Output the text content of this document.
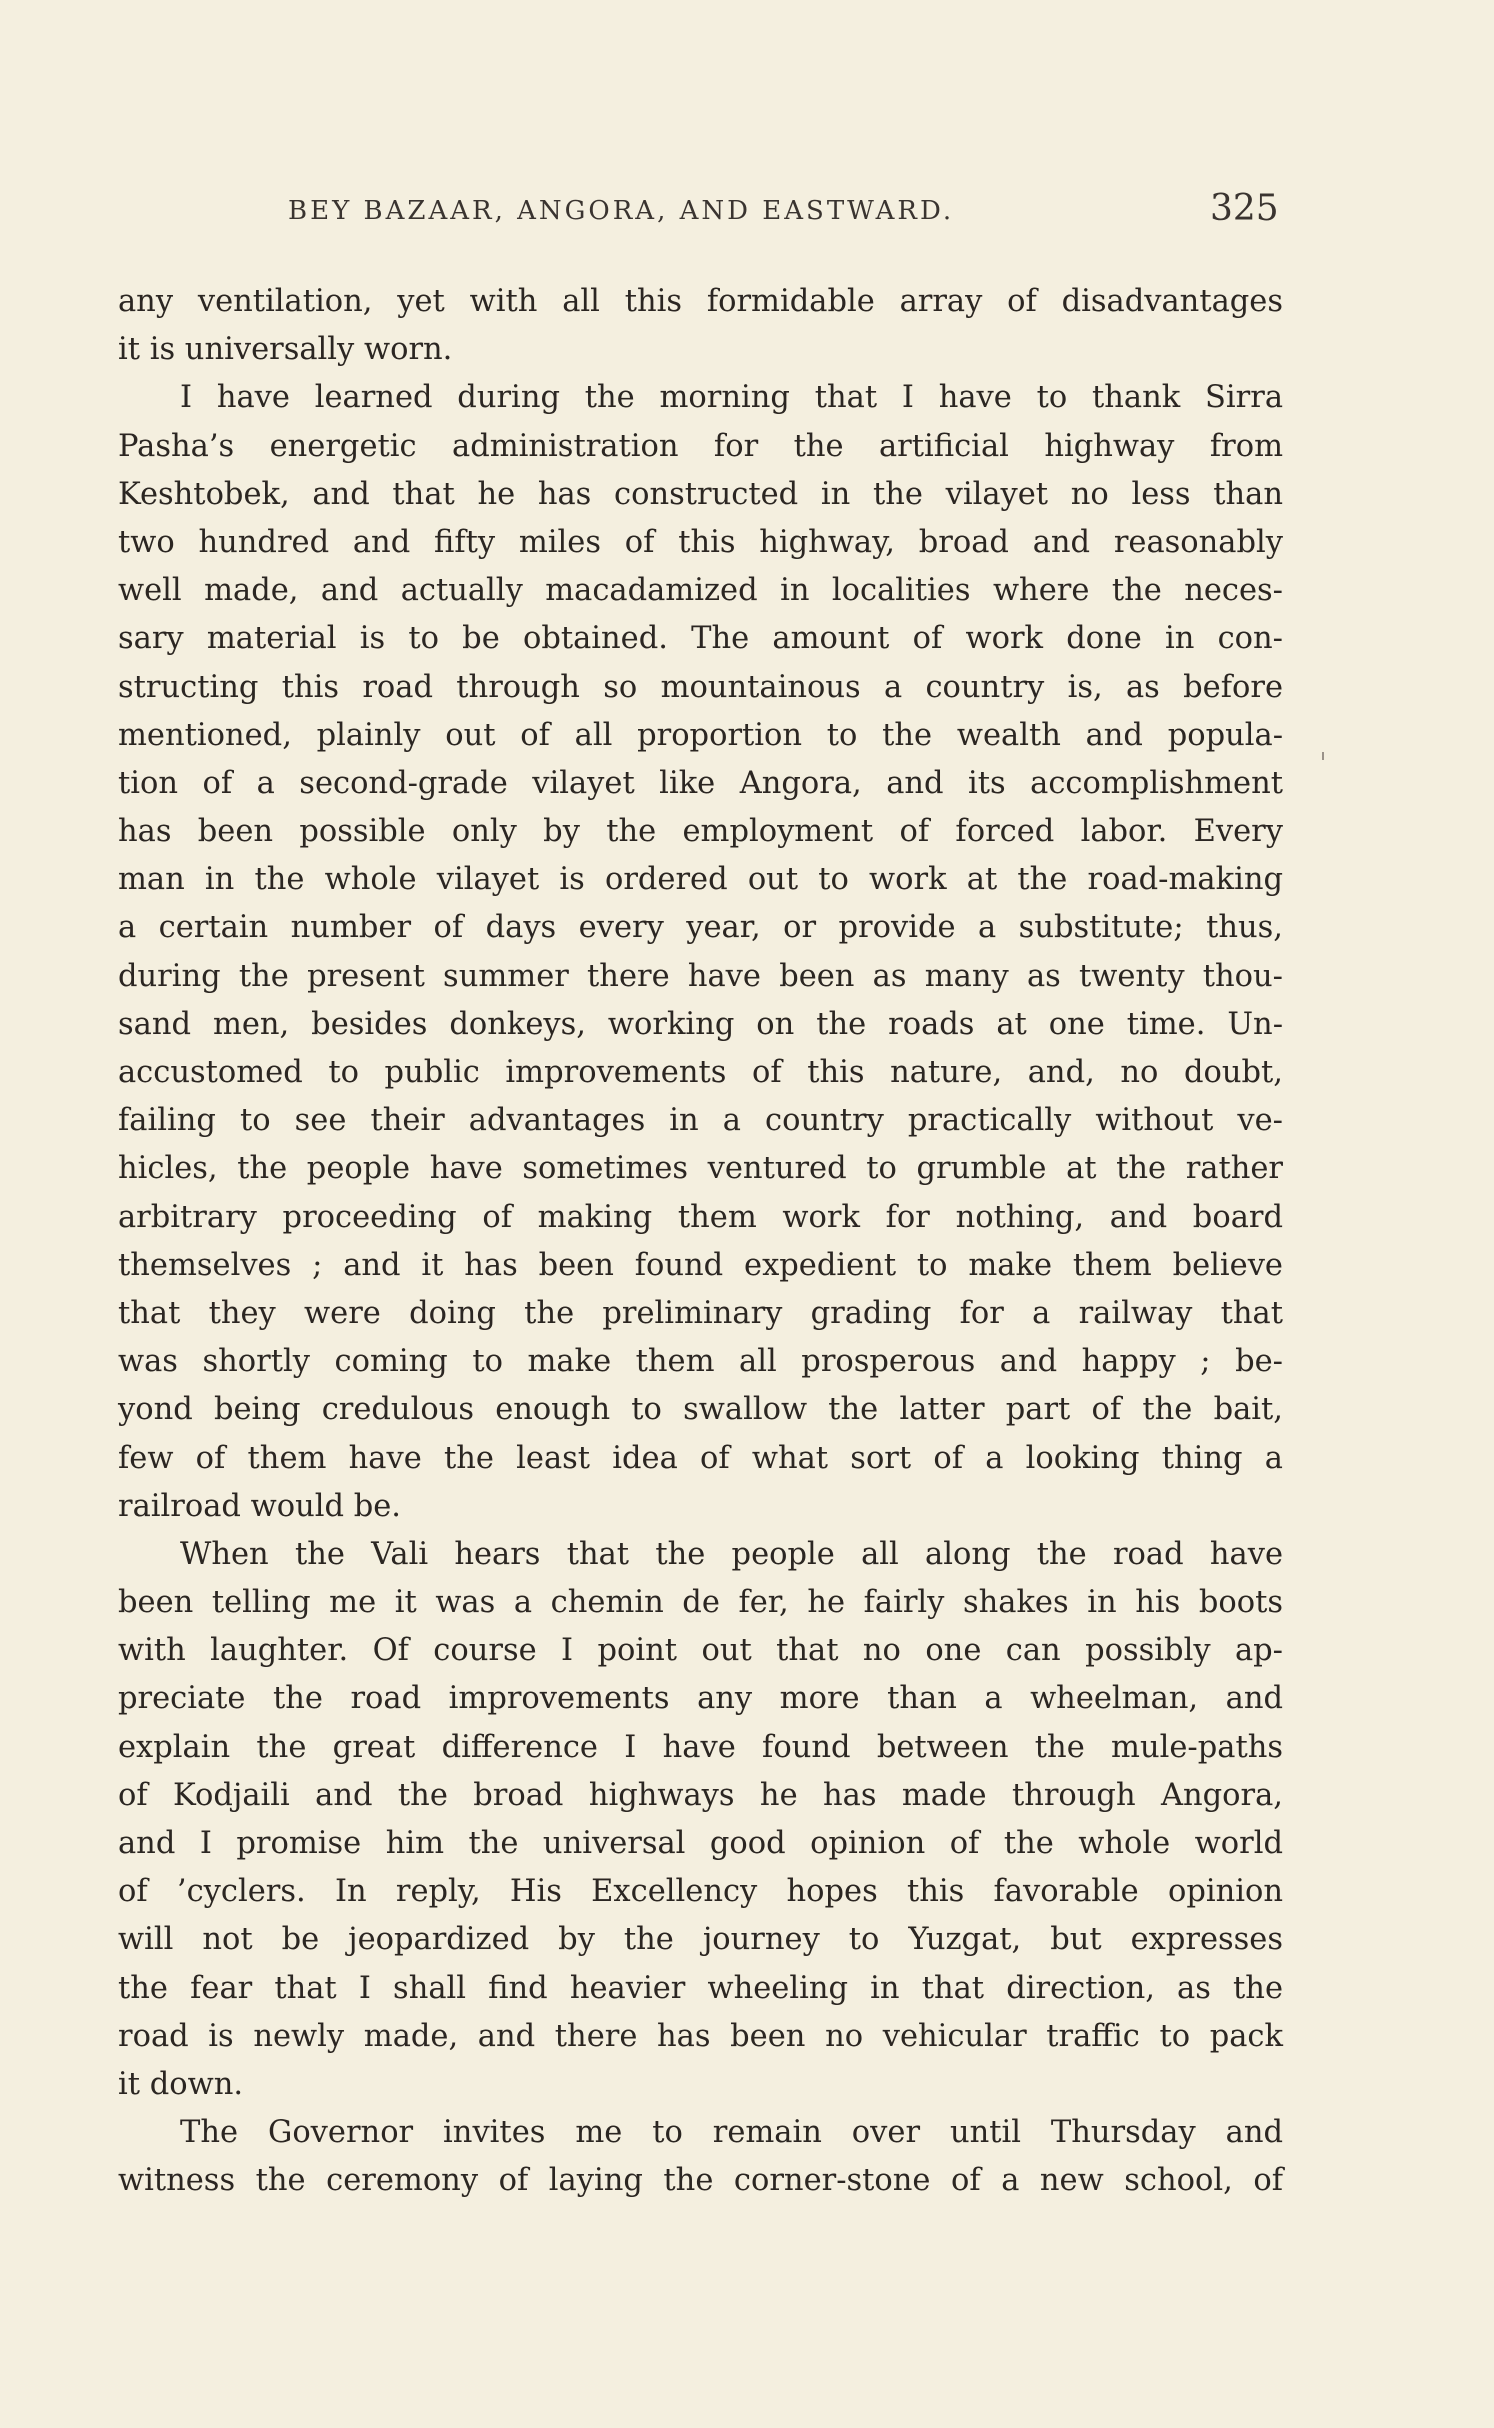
BEY BAZAAR, ANGORA, AND EASTWARD.	325
any ventilation, yet with all this formidable array of disadvantages
it is universally worn.
I have learned during the morning that I have to thank Sirra
Pasha’s energetic administration for the artificial highway from
Keshtobek, and that he has constructed in the vilayet no less than
two hundred and fifty miles of this highway, broad and reasonably
well made, and actually macadamized in localities where the neces-
sary material is to be obtained. The amount of work done in con-
structing this road through so mountainous a country is, as before
mentioned, plainly out of all proportion to the wealth and popula-
tion of a second-grade vilayet like Angora, and its accomplishment
has been possible only by the employment of forced labor. Every
man in the whole vilayet is ordered out to work at the road-making
a certain number of days every year, or provide a substitute; thus,
during the present summer there have been as many as twenty thou-
sand men, besides donkeys, working on the roads at one time. Un-
accustomed to public improvements of this nature, and, no doubt,
failing to see their advantages in a country practically without ve-
hicles, the people have sometimes ventured to grumble at the rather
arbitrary proceeding of making them work for nothing, and board
themselves ; and it has been found expedient to make them believe
that they were doing the preliminary grading for a railway that
was shortly coming to make them all prosperous and happy ; be-
yond being credulous enough to swallow the latter part of the bait,
few of them have the least idea of what sort of a looking thing a
railroad would be.
When the Vali hears that the people all along the road have
been telling me it was a chemin de fer, he fairly shakes in his boots
with laughter. Of course I point out that no one can possibly ap-
preciate the road improvements any more than a wheelman, and
explain the great difference I have found between the mule-paths
of Kodjaili and the broad highways he has made through Angora,
and I promise him the universal good opinion of the whole world
of ’cyclers. In reply, His Excellency hopes this favorable opinion
will not be jeopardized by the journey to Yuzgat, but expresses
the fear that I shall find heavier wheeling in that direction, as the
road is newly made, and there has been no vehicular traffic to pack
it down.
The Governor invites me to remain over until Thursday and
witness the ceremony of laying the corner-stone of a new school, of
